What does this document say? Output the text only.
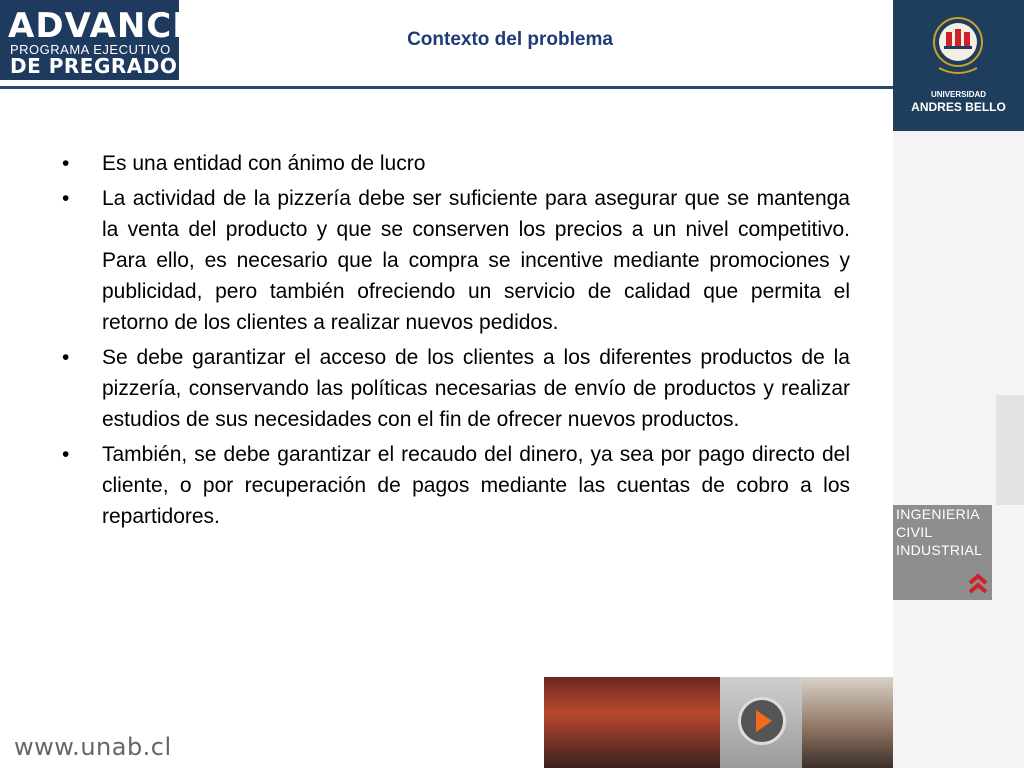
ADVANCE
PROGRAMA EJECUTIVO
DE PREGRADO
Contexto del problema
UNIVERSIDAD
ANDRES BELLO
INGENIERIA
CIVIL
INDUSTRIAL
• Es una entidad con ánimo de lucro
• La actividad de la pizzería debe ser suficiente para asegurar que se mantenga la venta del producto y que se conserven los precios a un nivel competitivo. Para ello, es necesario que la compra se incentive mediante promociones y publicidad, pero también ofreciendo un servicio de calidad que permita el retorno de los clientes a realizar nuevos pedidos.
• Se debe garantizar el acceso de los clientes a los diferentes productos de la pizzería, conservando las políticas necesarias de envío de productos y realizar estudios de sus necesidades con el fin de ofrecer nuevos productos.
• También, se debe garantizar el recaudo del dinero, ya sea por pago directo del cliente, o por recuperación de pagos mediante las cuentas de cobro a los repartidores.
www.unab.cl
